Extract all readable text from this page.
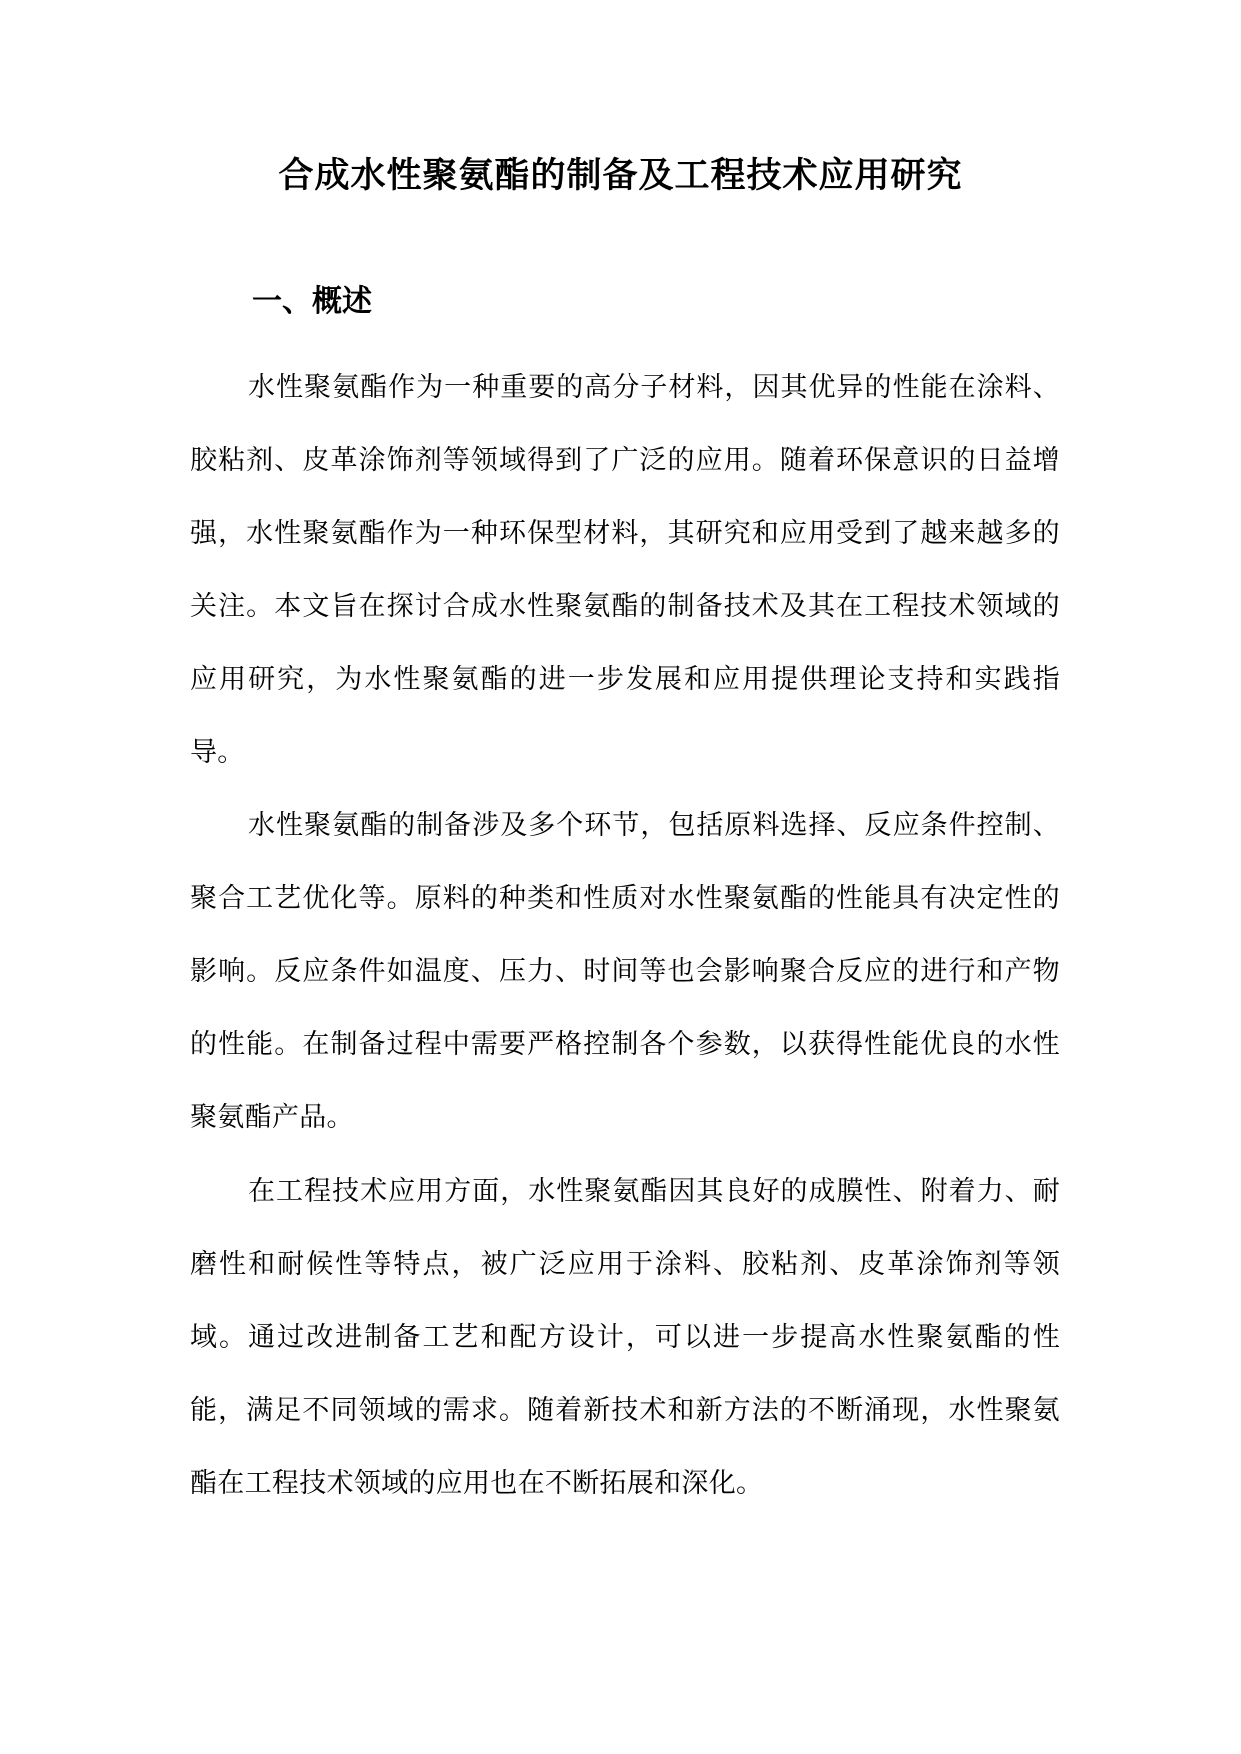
合成水性聚氨酯的制备及工程技术应用研究
一、概述

水性聚氨酯作为一种重要的高分子材料，因其优异的性能在涂料、胶粘剂、皮革涂饰剂等领域得到了广泛的应用。随着环保意识的日益增强，水性聚氨酯作为一种环保型材料，其研究和应用受到了越来越多的关注。本文旨在探讨合成水性聚氨酯的制备技术及其在工程技术领域的应用研究，为水性聚氨酯的进一步发展和应用提供理论支持和实践指导。

水性聚氨酯的制备涉及多个环节，包括原料选择、反应条件控制、聚合工艺优化等。原料的种类和性质对水性聚氨酯的性能具有决定性的影响。反应条件如温度、压力、时间等也会影响聚合反应的进行和产物的性能。在制备过程中需要严格控制各个参数，以获得性能优良的水性聚氨酯产品。

在工程技术应用方面，水性聚氨酯因其良好的成膜性、附着力、耐磨性和耐候性等特点，被广泛应用于涂料、胶粘剂、皮革涂饰剂等领域。通过改进制备工艺和配方设计，可以进一步提高水性聚氨酯的性能，满足不同领域的需求。随着新技术和新方法的不断涌现，水性聚氨酯在工程技术领域的应用也在不断拓展和深化。
